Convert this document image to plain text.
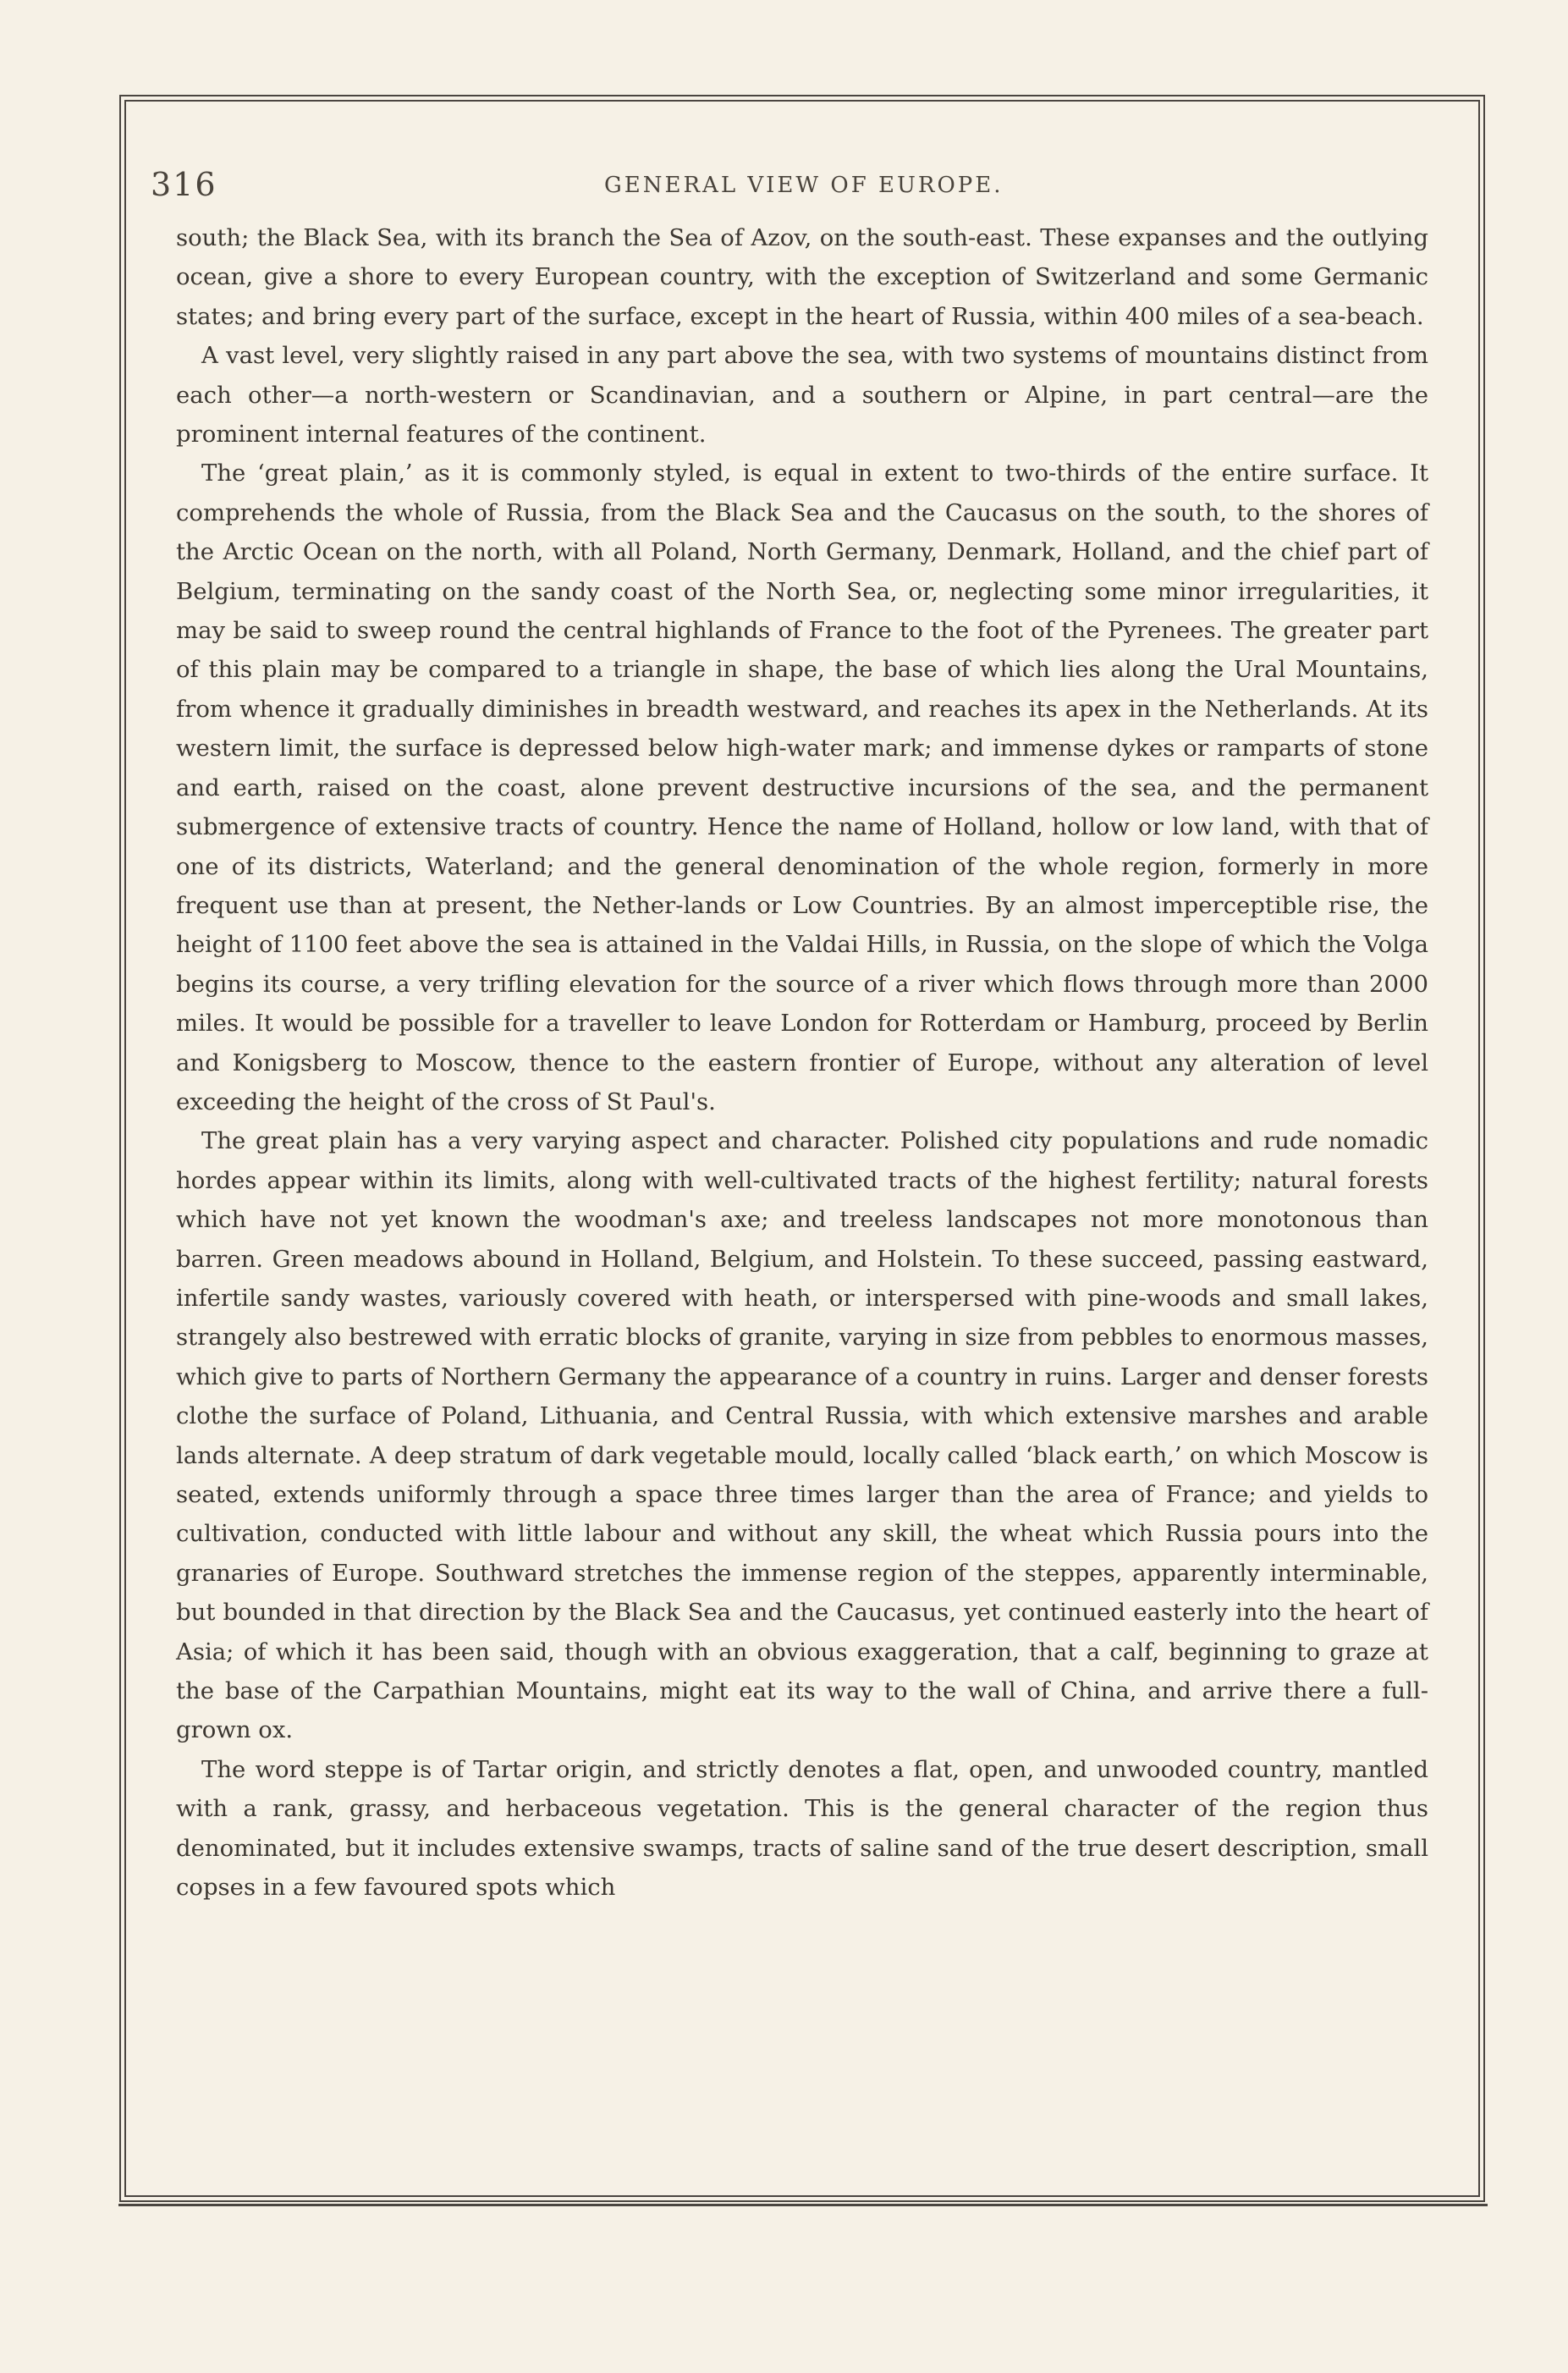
316	GENERAL VIEW OF EUROPE.

south; the Black Sea, with its branch the Sea of Azov, on the south-east. These expanses and the outlying ocean, give a shore to every European country, with the exception of Switzerland and some Germanic states; and bring every part of the surface, except in the heart of Russia, within 400 miles of a sea-beach.

A vast level, very slightly raised in any part above the sea, with two systems of mountains distinct from each other—a north-western or Scandinavian, and a southern or Alpine, in part central—are the prominent internal features of the continent.

The ‘great plain,’ as it is commonly styled, is equal in extent to two-thirds of the entire surface. It comprehends the whole of Russia, from the Black Sea and the Caucasus on the south, to the shores of the Arctic Ocean on the north, with all Poland, North Germany, Denmark, Holland, and the chief part of Belgium, terminating on the sandy coast of the North Sea, or, neglecting some minor irregularities, it may be said to sweep round the central highlands of France to the foot of the Pyrenees. The greater part of this plain may be compared to a triangle in shape, the base of which lies along the Ural Mountains, from whence it gradually diminishes in breadth westward, and reaches its apex in the Netherlands. At its western limit, the surface is depressed below high-water mark; and immense dykes or ramparts of stone and earth, raised on the coast, alone prevent destructive incursions of the sea, and the permanent submergence of extensive tracts of country. Hence the name of Holland, hollow or low land, with that of one of its districts, Waterland; and the general denomination of the whole region, formerly in more frequent use than at present, the Nether-lands or Low Countries. By an almost imperceptible rise, the height of 1100 feet above the sea is attained in the Valdai Hills, in Russia, on the slope of which the Volga begins its course, a very trifling elevation for the source of a river which flows through more than 2000 miles. It would be possible for a traveller to leave London for Rotterdam or Hamburg, proceed by Berlin and Konigsberg to Moscow, thence to the eastern frontier of Europe, without any alteration of level exceeding the height of the cross of St Paul's.

The great plain has a very varying aspect and character. Polished city populations and rude nomadic hordes appear within its limits, along with well-cultivated tracts of the highest fertility; natural forests which have not yet known the woodman's axe; and treeless landscapes not more monotonous than barren. Green meadows abound in Holland, Belgium, and Holstein. To these succeed, passing eastward, infertile sandy wastes, variously covered with heath, or interspersed with pine-woods and small lakes, strangely also bestrewed with erratic blocks of granite, varying in size from pebbles to enormous masses, which give to parts of Northern Germany the appearance of a country in ruins. Larger and denser forests clothe the surface of Poland, Lithuania, and Central Russia, with which extensive marshes and arable lands alternate. A deep stratum of dark vegetable mould, locally called ‘black earth,’ on which Moscow is seated, extends uniformly through a space three times larger than the area of France; and yields to cultivation, conducted with little labour and without any skill, the wheat which Russia pours into the granaries of Europe. Southward stretches the immense region of the steppes, apparently interminable, but bounded in that direction by the Black Sea and the Caucasus, yet continued easterly into the heart of Asia; of which it has been said, though with an obvious exaggeration, that a calf, beginning to graze at the base of the Carpathian Mountains, might eat its way to the wall of China, and arrive there a full-grown ox.

The word steppe is of Tartar origin, and strictly denotes a flat, open, and unwooded country, mantled with a rank, grassy, and herbaceous vegetation. This is the general character of the region thus denominated, but it includes extensive swamps, tracts of saline sand of the true desert description, small copses in a few favoured spots which
